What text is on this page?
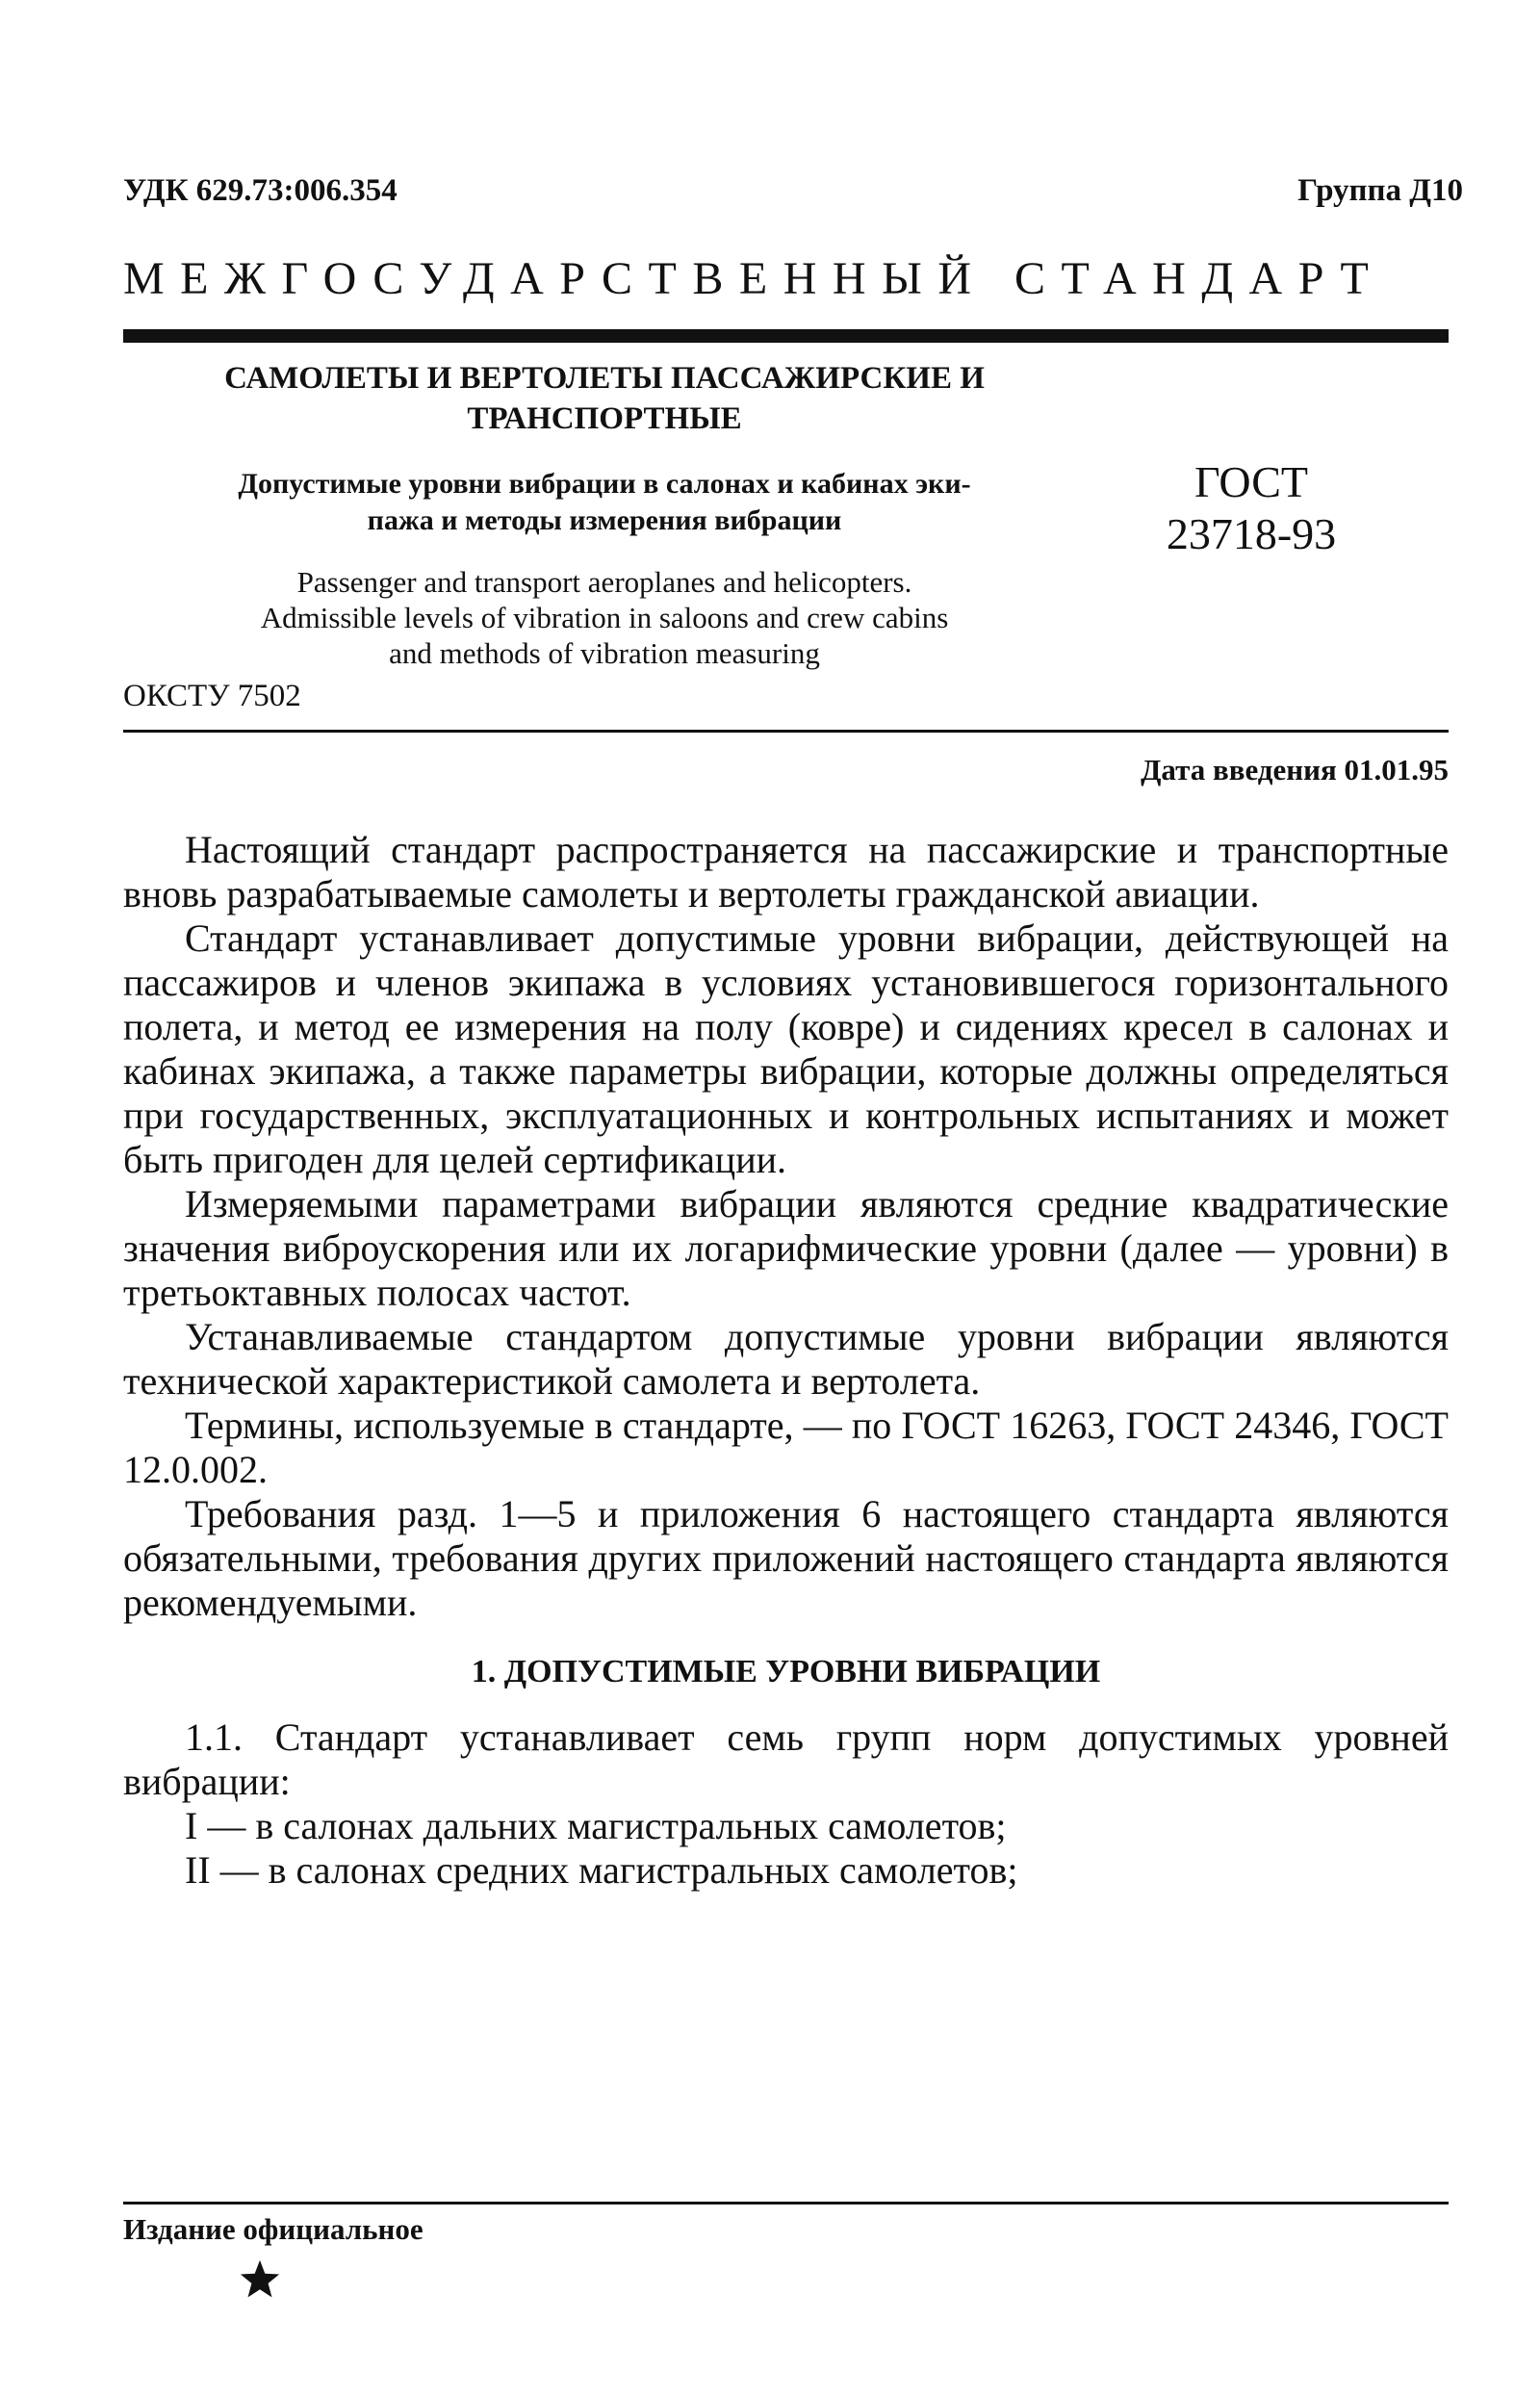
УДК 629.73:006.354	Группа Д10
МЕЖГОСУДАРСТВЕННЫЙ СТАНДАРТ
САМОЛЕТЫ И ВЕРТОЛЕТЫ ПАССАЖИРСКИЕ И
ТРАНСПОРТНЫЕ
Допустимые уровни вибрации в салонах и кабинах эки-
пажа и методы измерения вибрации
ГОСТ
23718-93
Passenger and transport aeroplanes and helicopters.
Admissible levels of vibration in saloons and crew cabins
and methods of vibration measuring
ОКСТУ 7502
Дата введения 01.01.95

Настоящий стандарт распространяется на пассажирские и транспортные вновь разрабатываемые самолеты и вертолеты гражданской авиации.

Стандарт устанавливает допустимые уровни вибрации, действующей на пассажиров и членов экипажа в условиях установившегося горизонтального полета, и метод ее измерения на полу (ковре) и сидениях кресел в салонах и кабинах экипажа, а также параметры вибрации, которые должны определяться при государственных, эксплуатационных и контрольных испытаниях и может быть пригоден для целей сертификации.

Измеряемыми параметрами вибрации являются средние квадратические значения виброускорения или их логарифмические уровни (далее — уровни) в третьоктавных полосах частот.

Устанавливаемые стандартом допустимые уровни вибрации являются технической характеристикой самолета и вертолета.

Термины, используемые в стандарте, — по ГОСТ 16263, ГОСТ 24346, ГОСТ 12.0.002.

Требования разд. 1—5 и приложения 6 настоящего стандарта являются обязательными, требования других приложений настоящего стандарта являются рекомендуемыми.

1. ДОПУСТИМЫЕ УРОВНИ ВИБРАЦИИ

1.1. Стандарт устанавливает семь групп норм допустимых уровней вибрации:

I — в салонах дальних магистральных самолетов;

II — в салонах средних магистральных самолетов;

Издание официальное
